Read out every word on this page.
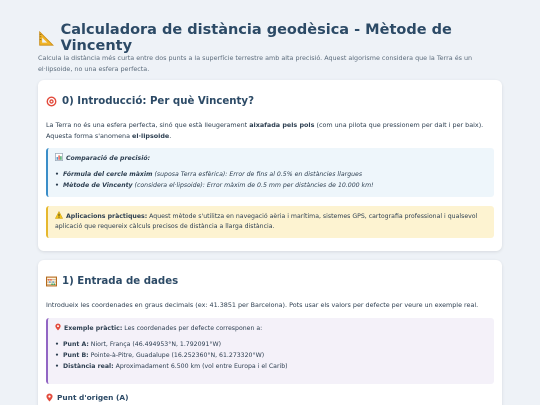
Calculadora de distància geodèsica - Mètode de Vincenty
Calcula la distància més curta entre dos punts a la superfície terrestre amb alta precisió. Aquest algorisme considera que la Terra és un el·lipsoide, no una esfera perfecta.
0) Introducció: Per què Vincenty?
La Terra no és una esfera perfecta, sinó que està lleugerament aixafada pels pols (com una pilota que pressionem per dalt i per baix).
Aquesta forma s'anomena el·lipsoide.
Comparació de precisió:
• Fórmula del cercle màxim (suposa Terra esfèrica): Error de fins al 0.5% en distàncies llargues
• Mètode de Vincenty (considera el·lipsoide): Error màxim de 0.5 mm per distàncies de 10.000 km!
Aplicacions pràctiques: Aquest mètode s'utilitza en navegació aèria i marítima, sistemes GPS, cartografia professional i qualsevol
aplicació que requereix càlculs precisos de distància a llarga distància.
1) Entrada de dades
Introdueix les coordenades en graus decimals (ex: 41.3851 per Barcelona). Pots usar els valors per defecte per veure un exemple real.
Exemple pràctic: Les coordenades per defecte corresponen a:
• Punt A: Niort, França (46.494953°N, 1.792091°W)
• Punt B: Pointe-à-Pitre, Guadalupe (16.252360°N, 61.273320°W)
• Distància real: Aproximadament 6.500 km (vol entre Europa i el Carib)
Punt d'origen (A)
